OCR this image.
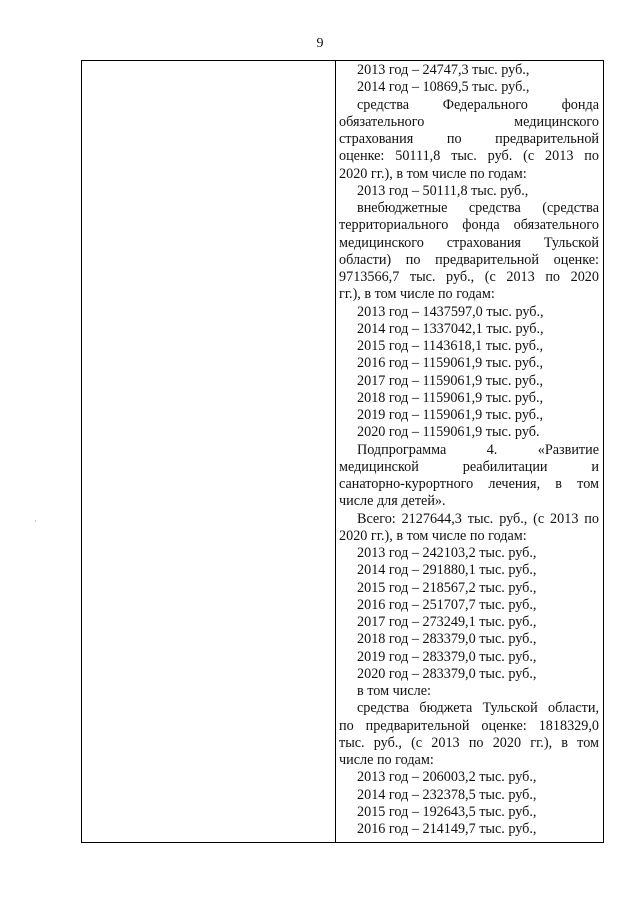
9
·
2013 год – 24747,3 тыс. руб.,
2014 год – 10869,5 тыс. руб.,
средства Федерального фонда
обязательного медицинского
страхования по предварительной
оценке: 50111,8 тыс. руб. (с 2013 по
2020 гг.), в том числе по годам:
2013 год – 50111,8 тыс. руб.,
внебюджетные средства (средства
территориального фонда обязательного
медицинского страхования Тульской
области) по предварительной оценке:
9713566,7 тыс. руб., (с 2013 по 2020
гг.), в том числе по годам:
2013 год – 1437597,0 тыс. руб.,
2014 год – 1337042,1 тыс. руб.,
2015 год – 1143618,1 тыс. руб.,
2016 год – 1159061,9 тыс. руб.,
2017 год – 1159061,9 тыс. руб.,
2018 год – 1159061,9 тыс. руб.,
2019 год – 1159061,9 тыс. руб.,
2020 год – 1159061,9 тыс. руб.
Подпрограмма 4. «Развитие
медицинской реабилитации и
санаторно-курортного лечения, в том
числе для детей».
Всего: 2127644,3 тыс. руб., (с 2013 по
2020 гг.), в том числе по годам:
2013 год – 242103,2 тыс. руб.,
2014 год – 291880,1 тыс. руб.,
2015 год – 218567,2 тыс. руб.,
2016 год – 251707,7 тыс. руб.,
2017 год – 273249,1 тыс. руб.,
2018 год – 283379,0 тыс. руб.,
2019 год – 283379,0 тыс. руб.,
2020 год – 283379,0 тыс. руб.,
в том числе:
средства бюджета Тульской области,
по предварительной оценке: 1818329,0
тыс. руб., (с 2013 по 2020 гг.), в том
числе по годам:
2013 год – 206003,2 тыс. руб.,
2014 год – 232378,5 тыс. руб.,
2015 год – 192643,5 тыс. руб.,
2016 год – 214149,7 тыс. руб.,
